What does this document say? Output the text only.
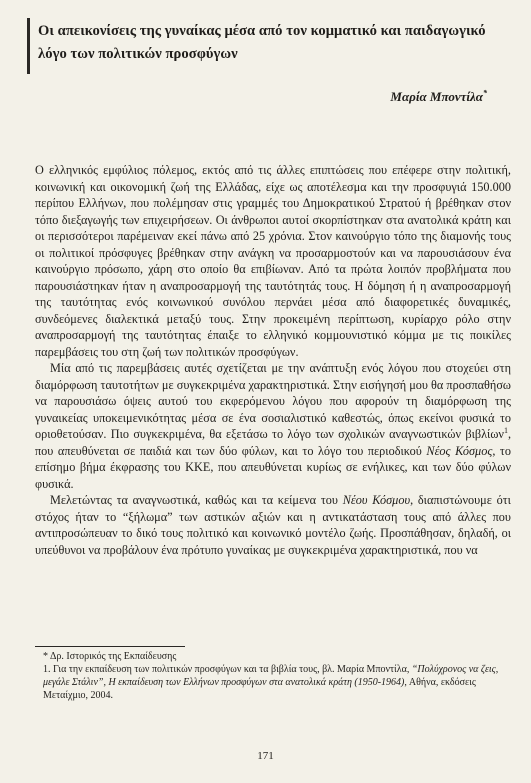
Οι απεικονίσεις της γυναίκας μέσα από τον κομματικό και παιδαγωγικό λόγο των πολιτικών προσφύγων
Μαρία Μποντίλα*

Ο ελληνικός εμφύλιος πόλεμος, εκτός από τις άλλες επιπτώσεις που επέφερε στην πολιτική, κοινωνική και οικονομική ζωή της Ελλάδας, είχε ως αποτέλεσμα και την προσφυγιά 150.000 περίπου Ελλήνων, που πολέμησαν στις γραμμές του Δημοκρατικού Στρατού ή βρέθηκαν στον τόπο διεξαγωγής των επιχειρήσεων. Οι άνθρωποι αυτοί σκορπίστηκαν στα ανατολικά κράτη και οι περισσότεροι παρέμειναν εκεί πάνω από 25 χρόνια. Στον καινούργιο τόπο της διαμονής τους οι πολιτικοί πρόσφυγες βρέθηκαν στην ανάγκη να προσαρμοστούν και να παρουσιάσουν ένα καινούργιο πρόσωπο, χάρη στο οποίο θα επιβίωναν. Από τα πρώτα λοιπόν προβλήματα που παρουσιάστηκαν ήταν η αναπροσαρμογή της ταυτότητάς τους. Η δόμηση ή η αναπροσαρμογή της ταυτότητας ενός κοινωνικού συνόλου περνάει μέσα από διαφορετικές δυναμικές, συνδεόμενες διαλεκτικά μεταξύ τους. Στην προκειμένη περίπτωση, κυρίαρχο ρόλο στην αναπροσαρμογή της ταυτότητας έπαιξε το ελληνικό κομμουνιστικό κόμμα με τις ποικίλες παρεμβάσεις του στη ζωή των πολιτικών προσφύγων.

Μία από τις παρεμβάσεις αυτές σχετίζεται με την ανάπτυξη ενός λόγου που στοχεύει στη διαμόρφωση ταυτοτήτων με συγκεκριμένα χαρακτηριστικά. Στην εισήγησή μου θα προσπαθήσω να παρουσιάσω όψεις αυτού του εκφερόμενου λόγου που αφορούν τη διαμόρφωση της γυναικείας υποκειμενικότητας μέσα σε ένα σοσιαλιστικό καθεστώς, όπως εκείνοι φυσικά το οριοθετούσαν. Πιο συγκεκριμένα, θα εξετάσω το λόγο των σχολικών αναγνωστικών βιβλίων$^1$, που απευθύνεται σε παιδιά και των δύο φύλων, και το λόγο του περιοδικού Νέος Κόσμος, το επίσημο βήμα έκφρασης του ΚΚΕ, που απευθύνεται κυρίως σε ενήλικες, και των δύο φύλων φυσικά.

Μελετώντας τα αναγνωστικά, καθώς και τα κείμενα του Νέου Κόσμου, διαπιστώνουμε ότι στόχος ήταν το “ξήλωμα” των αστικών αξιών και η αντικατάσταση τους από άλλες που αντιπροσώπευαν το δικό τους πολιτικό και κοινωνικό μοντέλο ζωής. Προσπάθησαν, δηλαδή, οι υπεύθυνοι να προβάλουν ένα πρότυπο γυναίκας με συγκεκριμένα χαρακτηριστικά, που να

* Δρ. Ιστορικός της Εκπαίδευσης

1. Για την εκπαίδευση των πολιτικών προσφύγων και τα βιβλία τους, βλ. Μαρία Μποντίλα, “Πολύχρονος να ζεις, μεγάλε Στάλιν”, Η εκπαίδευση των Ελλήνων προσφύγων στα ανατολικά κράτη (1950-1964), Αθήνα, εκδόσεις Μεταίχμιο, 2004.

171
